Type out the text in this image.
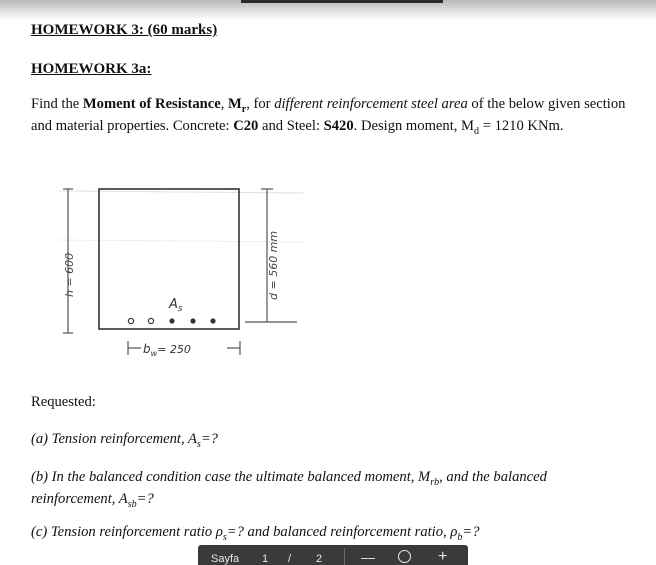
HOMEWORK 3: (60 marks)
HOMEWORK 3a:
Find the Moment of Resistance, $M_r$, for different reinforcement steel area of the below given section and material properties. Concrete: C20 and Steel: S420. Design moment, $M_d = 1210$ KNm.
h = 600	d = 560 mm
$A_s$
$b_w= 250$
Requested:
(a) Tension reinforcement, $A_s=$?
(b) In the balanced condition case the ultimate balanced moment, $M_{rb}$, and the balanced reinforcement, $A_{sb}=$?
(c) Tension reinforcement ratio $\rho_s=$? and balanced reinforcement ratio, $\rho_b=$?
Sayfa 1 / 2	—	+
